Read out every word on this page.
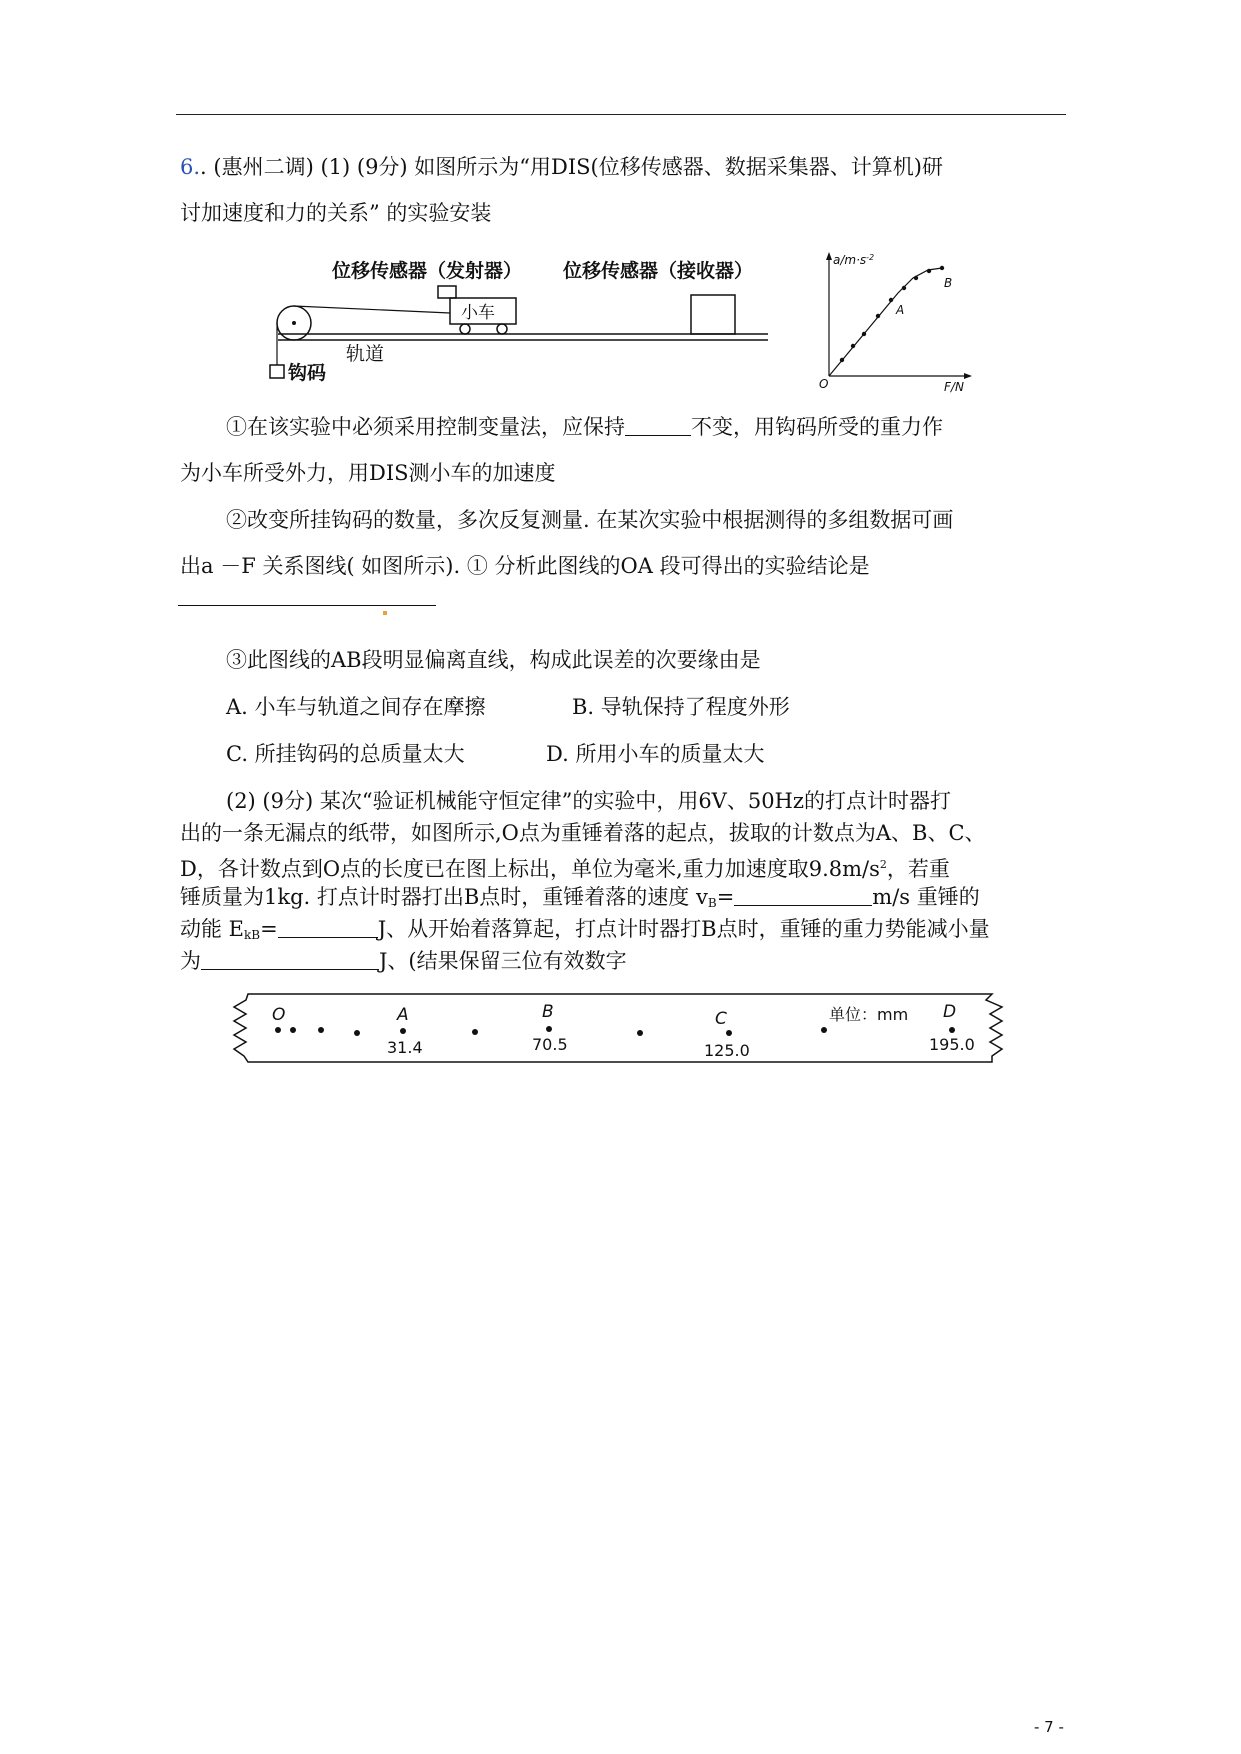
6.. (惠州二调) (1) (9分) 如图所示为“用DIS(位移传感器、数据采集器、计算机)研
讨加速度和力的关系” 的实验安装
位移传感器（发射器） 位移传感器（接收器）
小车
钩码
轨道
$a/m\cdot s^{-2}$
F/N
O
A
B
①在该实验中必须采用控制变量法，应保持	不变，用钩码所受的重力作
为小车所受外力，用DIS测小车的加速度
②改变所挂钩码的数量，多次反复测量. 在某次实验中根据测得的多组数据可画
出a －F 关系图线( 如图所示). ① 分析此图线的OA 段可得出的实验结论是
③此图线的AB段明显偏离直线，构成此误差的次要缘由是
A. 小车与轨道之间存在摩擦	B. 导轨保持了程度外形
C. 所挂钩码的总质量太大	D. 所用小车的质量太大
(2) (9分) 某次“验证机械能守恒定律”的实验中，用6V、50Hz的打点计时器打
出的一条无漏点的纸带，如图所示,O点为重锤着落的起点，拔取的计数点为A、B、C、
D，各计数点到O点的长度已在图上标出，单位为毫米,重力加速度取$9.8m/s^2$，若重
锤质量为1kg. 打点计时器打出B点时，重锤着落的速度 $v_B=$	m/s 重锤的
动能 $E_{kB}=$	J、从开始着落算起，打点计时器打B点时，重锤的重力势能减小量
为	J、(结果保留三位有效数字
O	A	B	C	D
单位：mm
31.4	70.5	125.0	195.0
- 7 -
